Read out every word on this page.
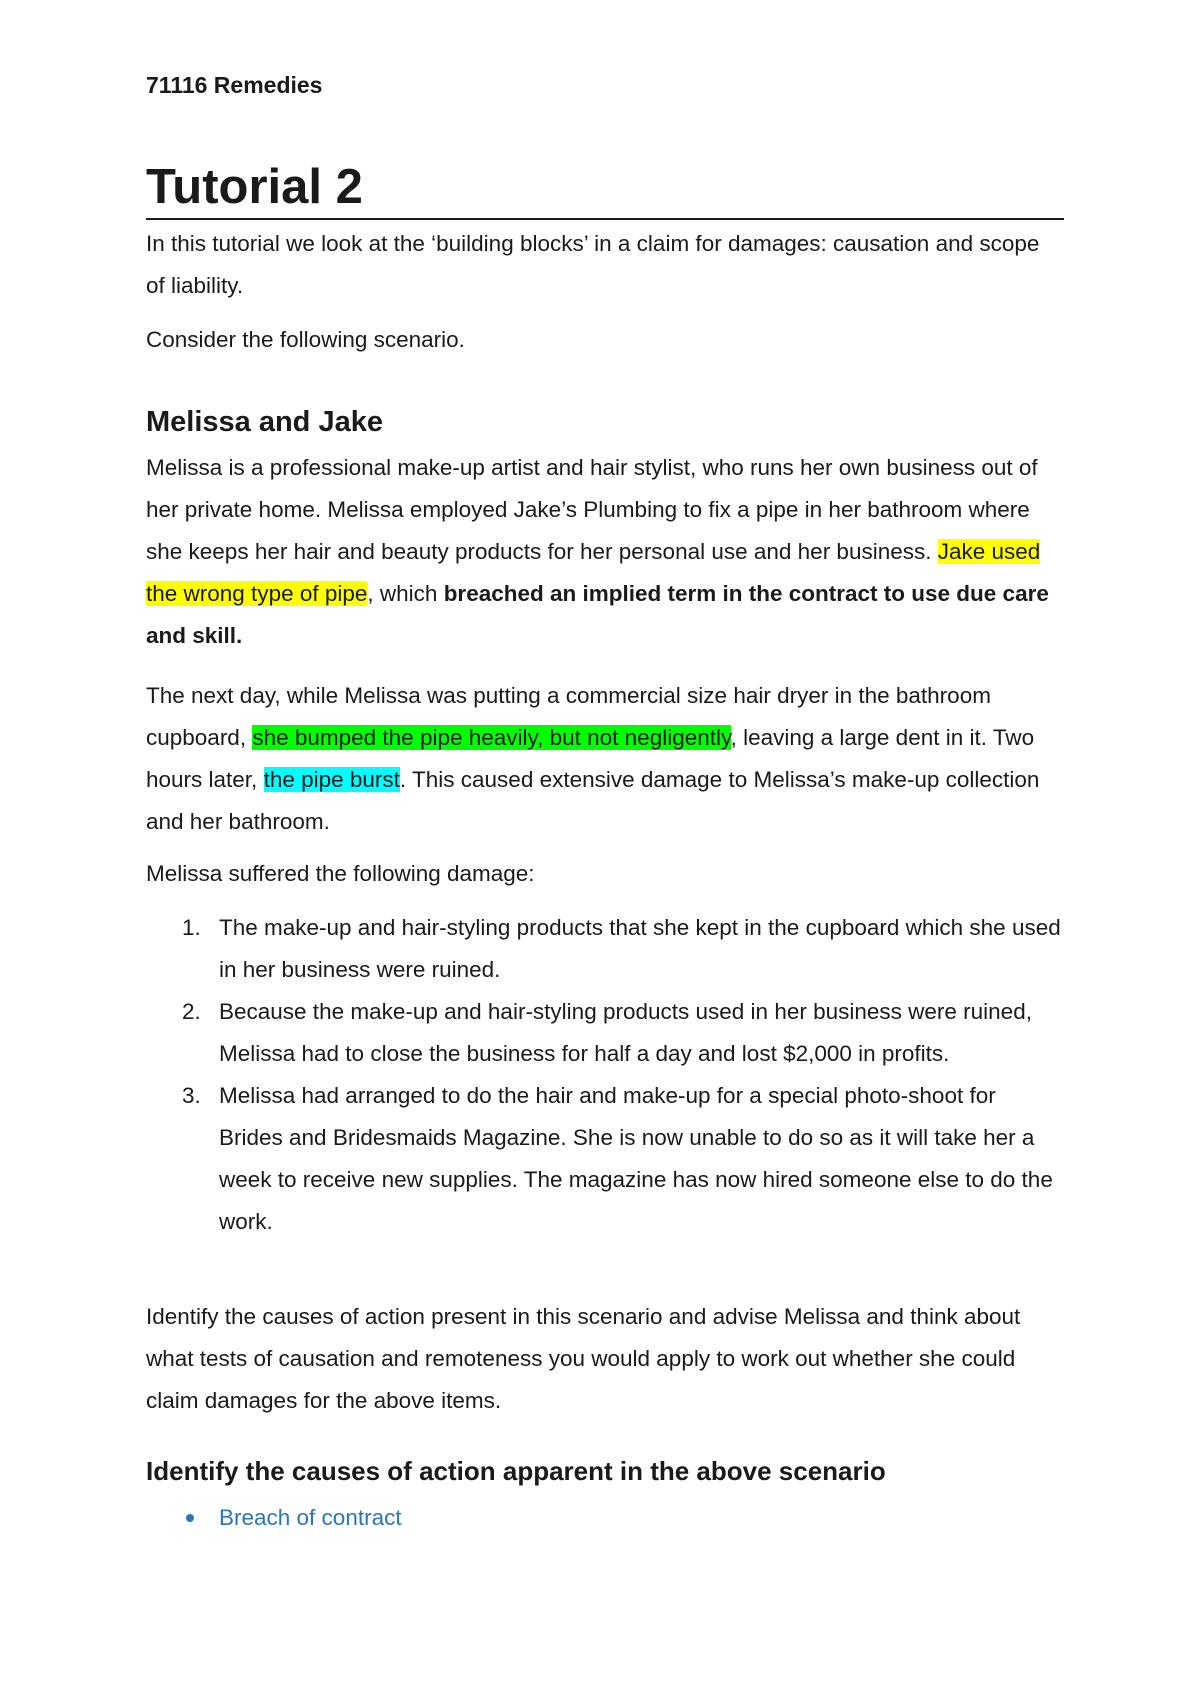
71116 Remedies

Tutorial 2

In this tutorial we look at the ‘building blocks’ in a claim for damages: causation and scope of liability.

Consider the following scenario.

Melissa and Jake

Melissa is a professional make-up artist and hair stylist, who runs her own business out of her private home. Melissa employed Jake’s Plumbing to fix a pipe in her bathroom where she keeps her hair and beauty products for her personal use and her business. Jake used the wrong type of pipe, which breached an implied term in the contract to use due care and skill.

The next day, while Melissa was putting a commercial size hair dryer in the bathroom cupboard, she bumped the pipe heavily, but not negligently, leaving a large dent in it. Two hours later, the pipe burst. This caused extensive damage to Melissa’s make-up collection and her bathroom.

Melissa suffered the following damage:

1. The make-up and hair-styling products that she kept in the cupboard which she used in her business were ruined.
2. Because the make-up and hair-styling products used in her business were ruined, Melissa had to close the business for half a day and lost $2,000 in profits.
3. Melissa had arranged to do the hair and make-up for a special photo-shoot for Brides and Bridesmaids Magazine. She is now unable to do so as it will take her a week to receive new supplies. The magazine has now hired someone else to do the work.

Identify the causes of action present in this scenario and advise Melissa and think about what tests of causation and remoteness you would apply to work out whether she could claim damages for the above items.

Identify the causes of action apparent in the above scenario
Breach of contract
